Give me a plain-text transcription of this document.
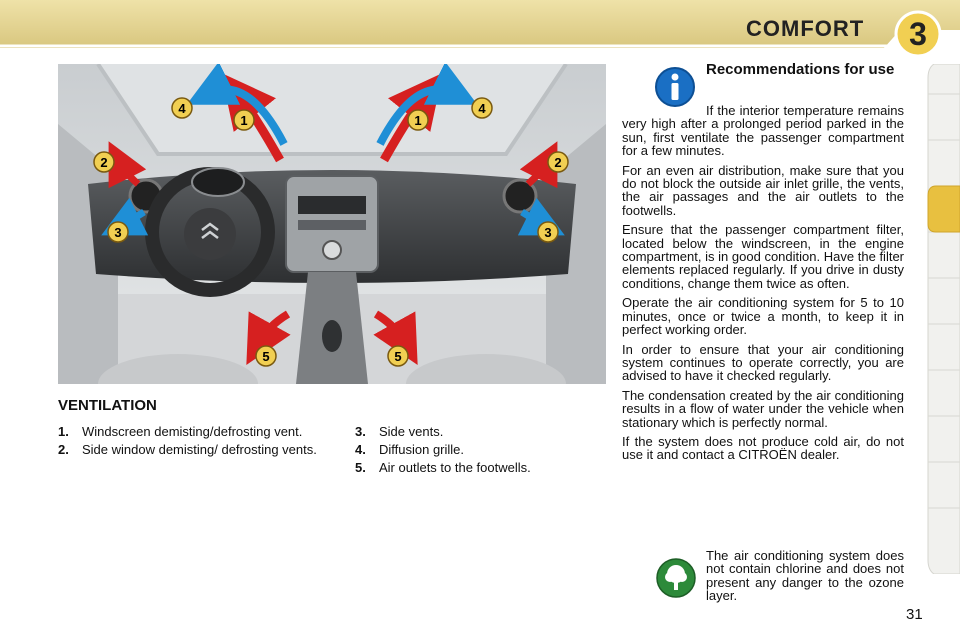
COMFORT	3
4
1	1
4
2	2
3	3
5	5
VENTILATION
1. Windscreen demisting/defrosting vent.
2. Side window demisting/ defrosting vents.
3. Side vents.
4. Diffusion grille.
5. Air outlets to the footwells.
Recommendations for use

If the interior temperature remains very high after a prolonged period parked in the sun, first ventilate the passenger compartment for a few minutes.

For an even air distribution, make sure that you do not block the outside air inlet grille, the vents, the air passages and the air outlets to the footwells.

Ensure that the passenger compartment filter, located below the windscreen, in the engine compartment, is in good condition. Have the filter elements replaced regularly. If you drive in dusty conditions, change them twice as often.

Operate the air conditioning system for 5 to 10 minutes, once or twice a month, to keep it in perfect working order.

In order to ensure that your air conditioning system continues to operate correctly, you are advised to have it checked regularly.

The condensation created by the air conditioning results in a flow of water under the vehicle when stationary which is perfectly normal.

If the system does not produce cold air, do not use it and contact a CITROËN dealer.

The air conditioning system does not contain chlorine and does not present any danger to the ozone layer.
31
